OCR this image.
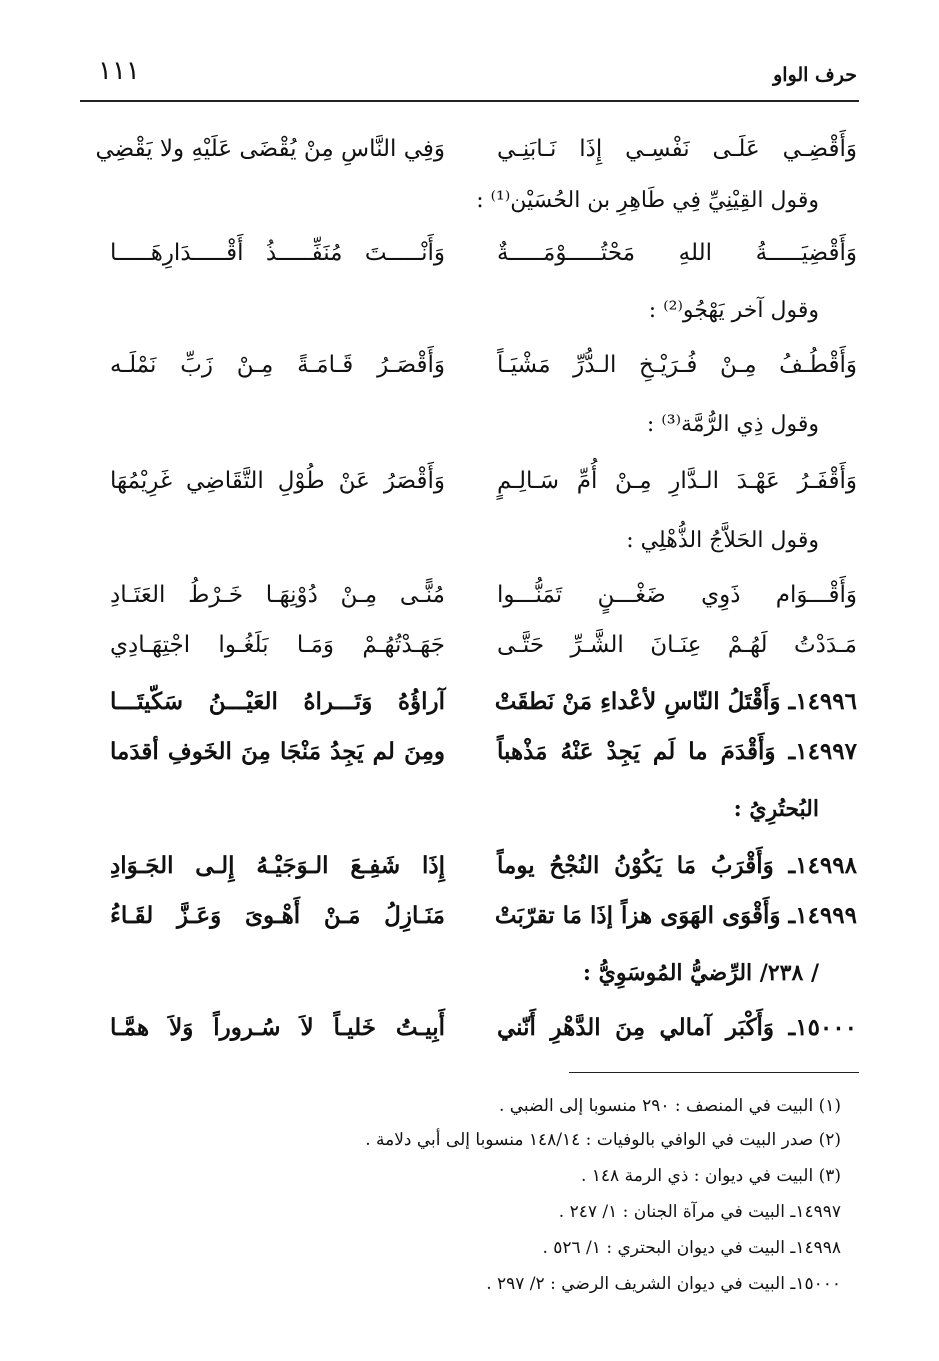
حرف الواو
١١١
وَأَقْضِـي عَلَـى نَفْسِـي إِذَا نَـابَنِـي
وَفِي النَّاسِ مِنْ يُقْضَى عَلَيْهِ ولا يَقْضِي
وقول القِيْنِيِّ فِي طَاهِرِ بن الحُسَيْن⁽¹⁾ :
وَأَقْضِيَـــــةُ اللهِ مَحْتُـــــوْمَـــــةٌ
وَأَنْـــــتَ مُنَفِّـــــذُ أَقْـــــدَارِهَـــــا
وقول آخر يَهْجُو⁽²⁾ :
وَأَقْطُـفُ مِـنْ فُـرَيْـخِ الـدُّرِّ مَشْيَـاً
وَأَقْصَـرُ قَـامَـةً مِـنْ زَبِّ نَمْلَـه
وقول ذِي الرُّمَّة⁽³⁾ :
وَأَقْفَـرُ عَهْـدَ الـدَّارِ مِـنْ أُمِّ سَـالِـمٍ
وَأَقْصَرُ عَنْ طُوْلِ التَّقَاضِي غَرِيْمُهَا
وقول الحَلاَّجُ الذُّهْلِي :
وَأَقْـــوَام ذَوِي ضَغْـــنٍ تَمَنُّـــوا
مُنًّـى مِـنْ دُوْنِهَـا خَـرْطُ العَتَـادِ
مَـدَدْتُ لَهُـمْ عِنَـانَ الشَّـرِّ حَتَّـى
جَهَـدْتُهُـمْ وَمَـا بَلَغُـوا اجْتِهَـادِي
١٤٩٩٦ـ وَأَقْتَلُ النّاسِ لأعْداءِ مَنْ نَطقَتْ
آراؤُهُ وَتَـــراهُ العَيْـــنُ سَكّيتَـــا
١٤٩٩٧ـ وَأَقْدَمَ ما لَم يَجِدْ عَنْهُ مَذْهباً
ومِنَ لم يَجِدُ مَنْجَا مِنَ الخَوفِ أقدَما
البُحتُرِيُ :
١٤٩٩٨ـ وَأَقْرَبُ مَا يَكُوْنُ النُجْحُ يوماً
إِذَا شَفِـعَ الـوَجَيْـهُ إِلـى الجَـوَادِ
١٤٩٩٩ـ وَأَقْوَى الهَوَى هزاً إذَا مَا تقرّبَتْ
مَنَـازِلُ مَـنْ أَهْـوىَ وَعَـزَّ لقَـاءُ
/ ٢٣٨/ الرِّضيُّ المُوسَوِيُّ :
١٥٠٠٠ـ وَأَكْبَر آمالي مِنَ الدَّهْرِ أَنّني
أَبِيـتُ خَليـاً لاَ سُـروراً وَلاَ همَّـا
(١) البيت في المنصف : ٢٩٠ منسوبا إلى الضبي .
(٢) صدر البيت في الوافي بالوفيات : ١٤٨/١٤ منسوبا إلى أبي دلامة .
(٣) البيت في ديوان : ذي الرمة ١٤٨ .
١٤٩٩٧ـ البيت في مرآة الجنان : ١/ ٢٤٧ .
١٤٩٩٨ـ البيت في ديوان البحتري : ١/ ٥٢٦ .
١٥٠٠٠ـ البيت في ديوان الشريف الرضي : ٢/ ٢٩٧ .
